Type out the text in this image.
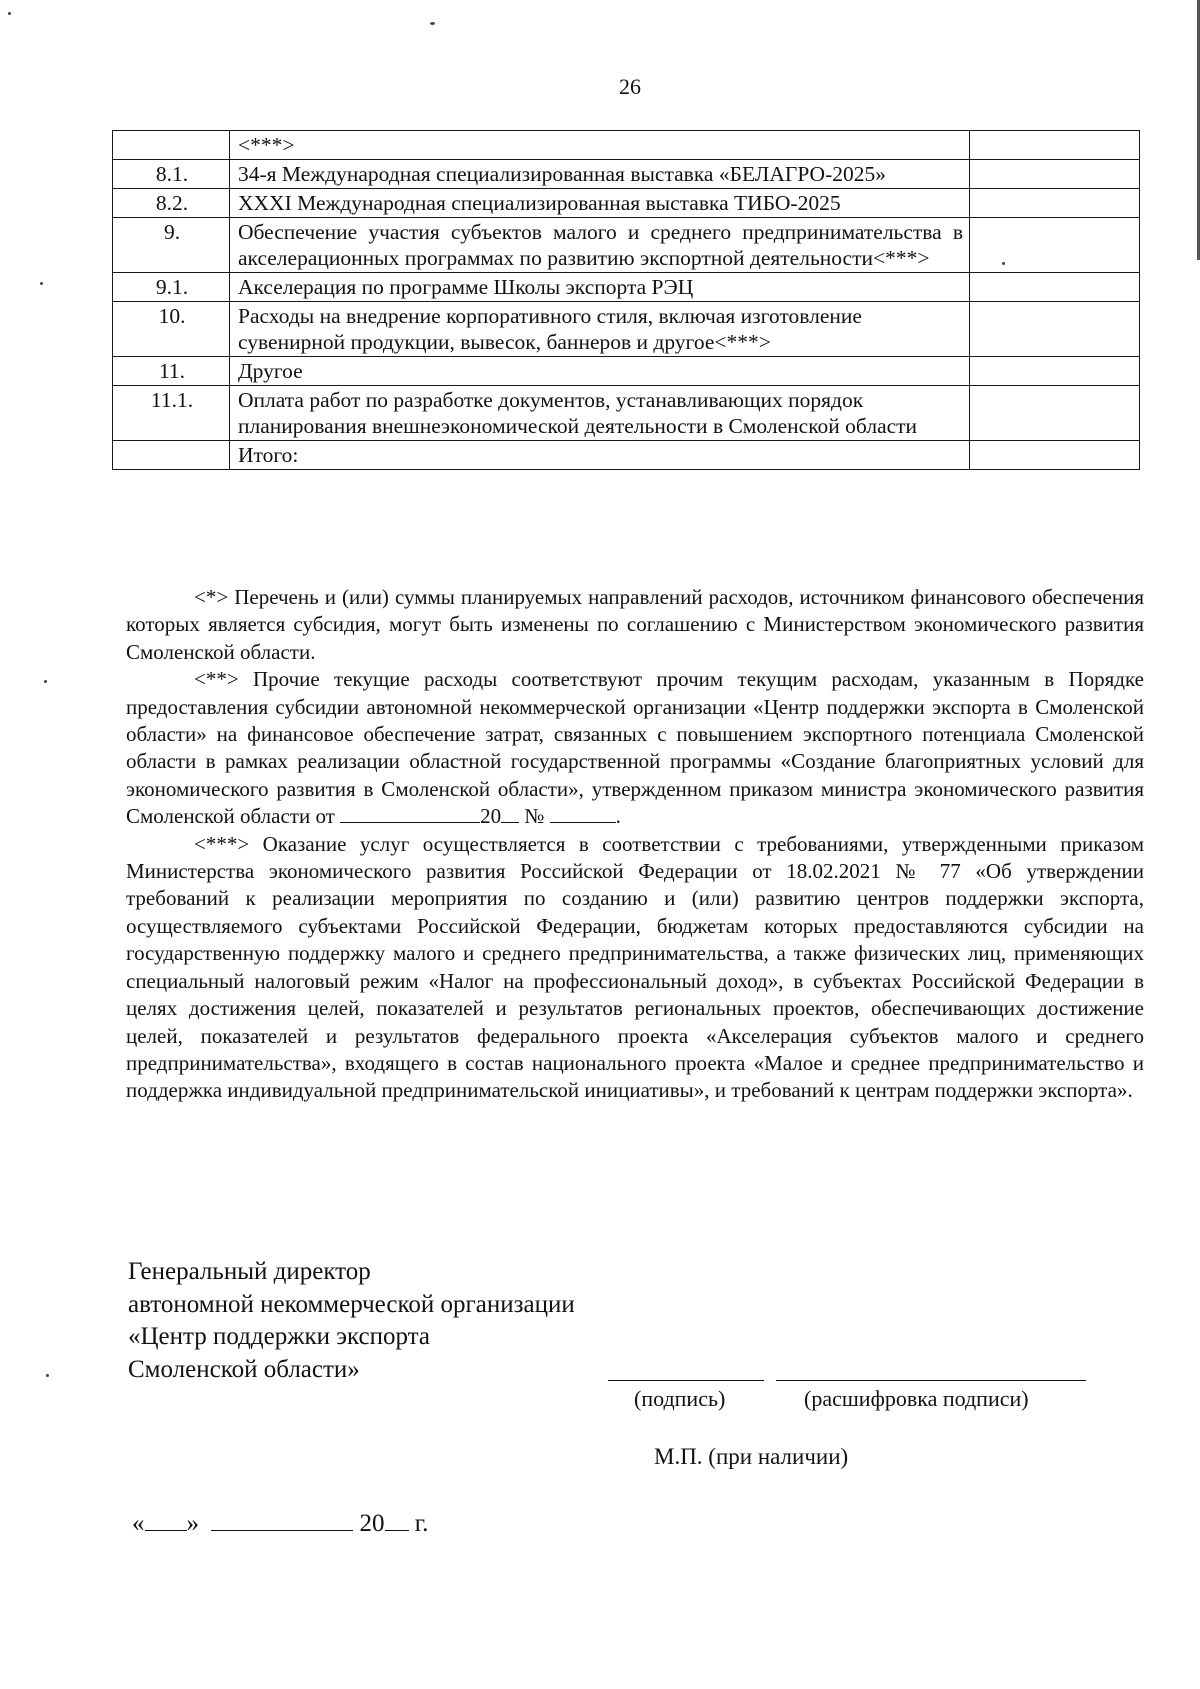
26
	<***>	
8.1.	34-я Международная специализированная выставка «БЕЛАГРО-2025»	
8.2.	XXXI Международная специализированная выставка ТИБО-2025	
9.	Обеспечение участия субъектов малого и среднего предпринимательства в акселерационных программах по развитию экспортной деятельности<***>	
9.1.	Акселерация по программе Школы экспорта РЭЦ	
10.	Расходы на внедрение корпоративного стиля, включая изготовление сувенирной продукции, вывесок, баннеров и другое<***>	
11.	Другое	
11.1.	Оплата работ по разработке документов, устанавливающих порядок планирования внешнеэкономической деятельности в Смоленской области	
	Итого:	

<*> Перечень и (или) суммы планируемых направлений расходов, источником финансового обеспечения которых является субсидия, могут быть изменены по соглашению с Министерством экономического развития Смоленской области.

<**> Прочие текущие расходы соответствуют прочим текущим расходам, указанным в Порядке предоставления субсидии автономной некоммерческой организации «Центр поддержки экспорта в Смоленской области» на финансовое обеспечение затрат, связанных с повышением экспортного потенциала Смоленской области в рамках реализации областной государственной программы «Создание благоприятных условий для экономического развития в Смоленской области», утвержденном приказом министра экономического развития Смоленской области от	20 №	.

<***> Оказание услуг осуществляется в соответствии с требованиями, утвержденными приказом Министерства экономического развития Российской Федерации от 18.02.2021 № 77 «Об утверждении требований к реализации мероприятия по созданию и (или) развитию центров поддержки экспорта, осуществляемого субъектами Российской Федерации, бюджетам которых предоставляются субсидии на государственную поддержку малого и среднего предпринимательства, а также физических лиц, применяющих специальный налоговый режим «Налог на профессиональный доход», в субъектах Российской Федерации в целях достижения целей, показателей и результатов региональных проектов, обеспечивающих достижение целей, показателей и результатов федерального проекта «Акселерация субъектов малого и среднего предпринимательства», входящего в состав национального проекта «Малое и среднее предпринимательство и поддержка индивидуальной предпринимательской инициативы», и требований к центрам поддержки экспорта».

Генеральный директор
автономной некоммерческой организации
«Центр поддержки экспорта
Смоленской области»
(подпись)	(расшифровка подписи)
М.П. (при наличии)
« »	20 г.
